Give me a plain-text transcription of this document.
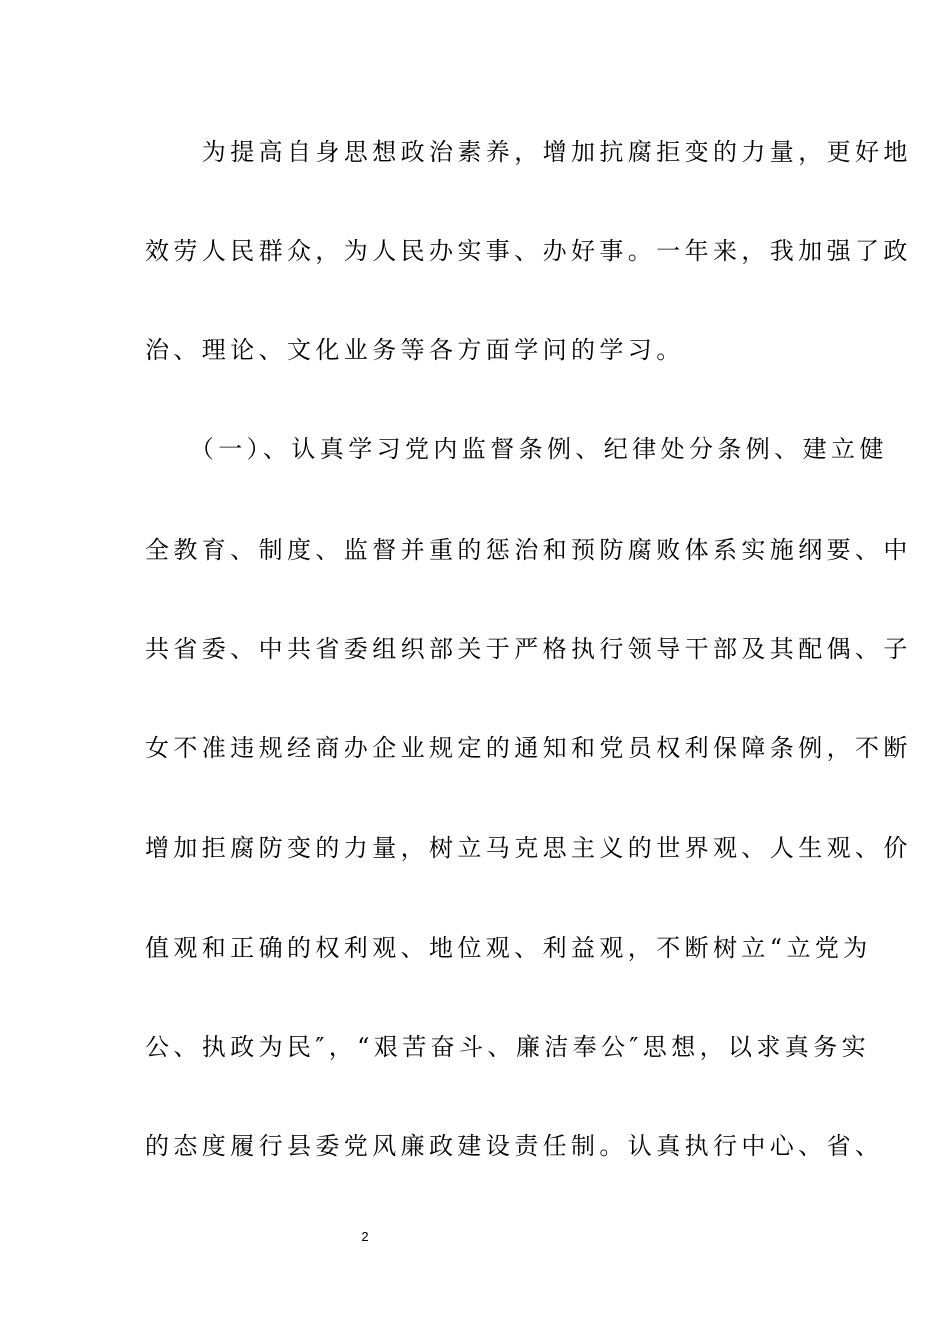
　　为提高自身思想政治素养，增加抗腐拒变的力量，更好地
效劳人民群众，为人民办实事、办好事。一年来，我加强了政
治、理论、文化业务等各方面学问的学习。
　　（一）、认真学习党内监督条例、纪律处分条例、建立健
全教育、制度、监督并重的惩治和预防腐败体系实施纲要、中
共省委、中共省委组织部关于严格执行领导干部及其配偶、子
女不准违规经商办企业规定的通知和党员权利保障条例，不断
增加拒腐防变的力量，树立马克思主义的世界观、人生观、价
值观和正确的权利观、地位观、利益观，不断树立“立党为
公、执政为民″，“艰苦奋斗、廉洁奉公″思想，以求真务实
的态度履行县委党风廉政建设责任制。认真执行中心、省、
2
